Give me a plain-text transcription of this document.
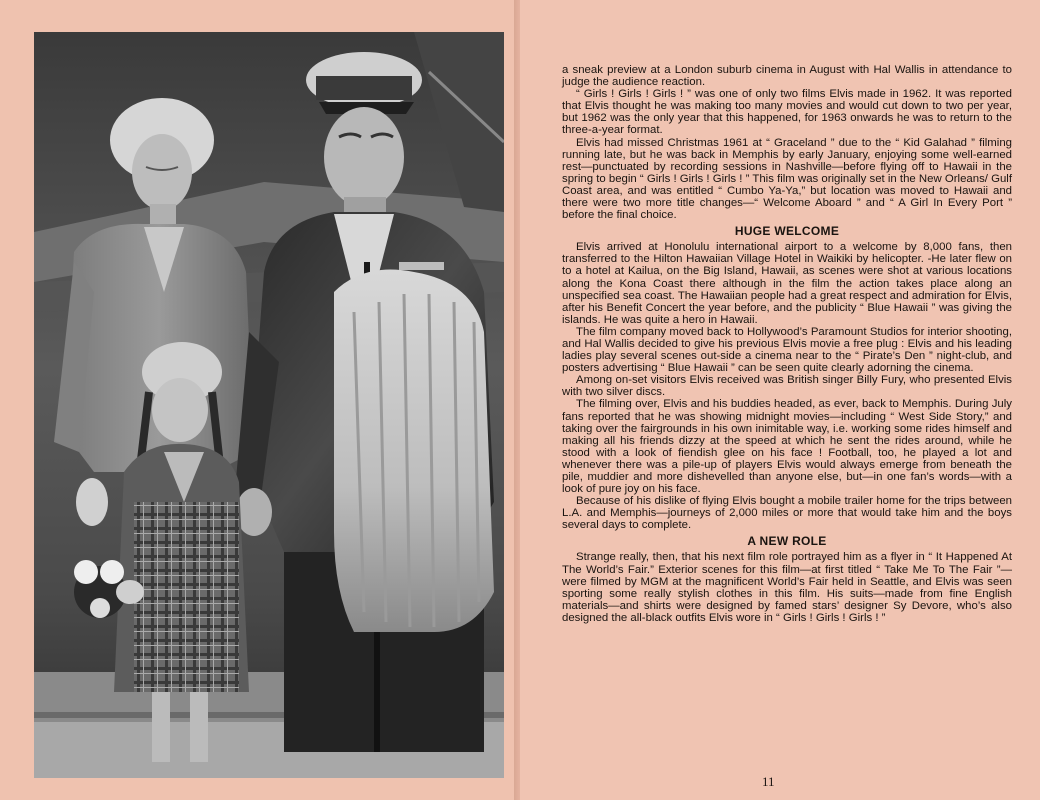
a sneak preview at a London suburb cinema in August with Hal Wallis in attendance to judge the audience reaction.

“ Girls ! Girls ! Girls ! ” was one of only two films Elvis made in 1962. It was reported that Elvis thought he was making too many movies and would cut down to two per year, but 1962 was the only year that this happened, for 1963 onwards he was to return to the three-a-year format.

Elvis had missed Christmas 1961 at “ Graceland ” due to the “ Kid Galahad ” filming running late, but he was back in Memphis by early January, enjoying some well-earned rest—punctuated by recording sessions in Nashville—before flying off to Hawaii in the spring to begin “ Girls ! Girls ! Girls ! ” This film was originally set in the New Orleans/ Gulf Coast area, and was entitled “ Cumbo Ya-Ya,” but location was moved to Hawaii and there were two more title changes—“ Welcome Aboard ” and “ A Girl In Every Port ” before the final choice.

HUGE WELCOME

Elvis arrived at Honolulu international airport to a welcome by 8,000 fans, then transferred to the Hilton Hawaiian Village Hotel in Waikiki by helicopter. -He later flew on to a hotel at Kailua, on the Big Island, Hawaii, as scenes were shot at various locations along the Kona Coast there although in the film the action takes place along an unspecified sea coast. The Hawaiian people had a great respect and admiration for Elvis, after his Benefit Concert the year before, and the publicity “ Blue Hawaii ” was giving the islands. He was quite a hero in Hawaii.

The film company moved back to Hollywood’s Paramount Studios for interior shooting, and Hal Wallis decided to give his previous Elvis movie a free plug : Elvis and his leading ladies play several scenes out-side a cinema near to the “ Pirate’s Den ” night-club, and posters advertising “ Blue Hawaii ” can be seen quite clearly adorning the cinema.

Among on-set visitors Elvis received was British singer Billy Fury, who presented Elvis with two silver discs.

The filming over, Elvis and his buddies headed, as ever, back to Memphis. During July fans reported that he was showing midnight movies—including “ West Side Story,” and taking over the fairgrounds in his own inimitable way, i.e. working some rides himself and making all his friends dizzy at the speed at which he sent the rides around, while he stood with a look of fiendish glee on his face ! Football, too, he played a lot and whenever there was a pile-up of players Elvis would always emerge from beneath the pile, muddier and more dishevelled than anyone else, but—in one fan’s words—with a look of pure joy on his face.

Because of his dislike of flying Elvis bought a mobile trailer home for the trips between L.A. and Memphis—journeys of 2,000 miles or more that would take him and the boys several days to complete.

A NEW ROLE

Strange really, then, that his next film role portrayed him as a flyer in “ It Happened At The World’s Fair.” Exterior scenes for this film—at first titled “ Take Me To The Fair ”—were filmed by MGM at the magnificent World’s Fair held in Seattle, and Elvis was seen sporting some really stylish clothes in this film. His suits—made from fine English materials—and shirts were designed by famed stars’ designer Sy Devore, who’s also designed the all-black outfits Elvis wore in “ Girls ! Girls ! Girls ! ”

11
